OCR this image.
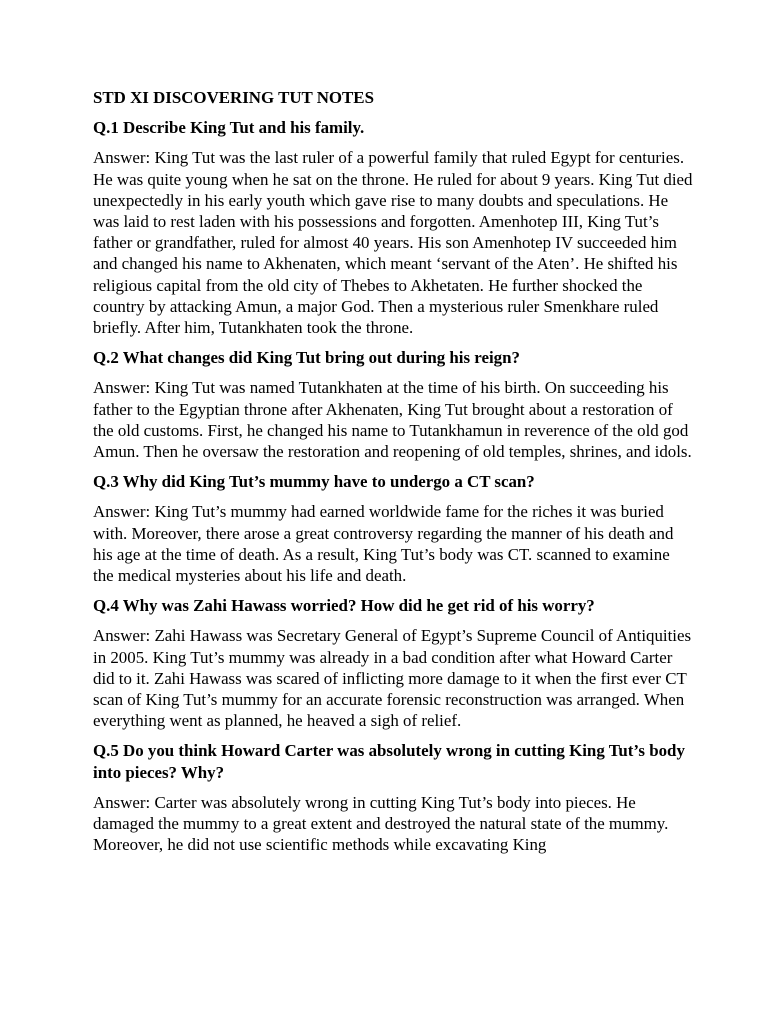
STD XI DISCOVERING TUT NOTES
Q.1 Describe King Tut and his family.
Answer: King Tut was the last ruler of a powerful family that ruled Egypt for centuries. He was quite young when he sat on the throne. He ruled for about 9 years. King Tut died unexpectedly in his early youth which gave rise to many doubts and speculations. He was laid to rest laden with his possessions and forgotten. Amenhotep III, King Tut’s father or grandfather, ruled for almost 40 years. His son Amenhotep IV succeeded him and changed his name to Akhenaten, which meant ‘servant of the Aten’. He shifted his religious capital from the old city of Thebes to Akhetaten. He further shocked the country by attacking Amun, a major God. Then a mysterious ruler Smenkhare ruled briefly. After him, Tutankhaten took the throne.
Q.2 What changes did King Tut bring out during his reign?
Answer: King Tut was named Tutankhaten at the time of his birth. On succeeding his father to the Egyptian throne after Akhenaten, King Tut brought about a restoration of the old customs. First, he changed his name to Tutankhamun in reverence of the old god Amun. Then he oversaw the restoration and reopening of old temples, shrines, and idols.
Q.3 Why did King Tut’s mummy have to undergo a CT scan?
Answer: King Tut’s mummy had earned worldwide fame for the riches it was buried with. Moreover, there arose a great controversy regarding the manner of his death and his age at the time of death. As a result, King Tut’s body was CT. scanned to examine the medical mysteries about his life and death.
Q.4 Why was Zahi Hawass worried? How did he get rid of his worry?
Answer: Zahi Hawass was Secretary General of Egypt’s Supreme Council of Antiquities in 2005. King Tut’s mummy was already in a bad condition after what Howard Carter did to it. Zahi Hawass was scared of inflicting more damage to it when the first ever CT scan of King Tut’s mummy for an accurate forensic reconstruction was arranged. When everything went as planned, he heaved a sigh of relief.
Q.5 Do you think Howard Carter was absolutely wrong in cutting King Tut’s body into pieces? Why?
Answer: Carter was absolutely wrong in cutting King Tut’s body into pieces. He damaged the mummy to a great extent and destroyed the natural state of the mummy. Moreover, he did not use scientific methods while excavating King
